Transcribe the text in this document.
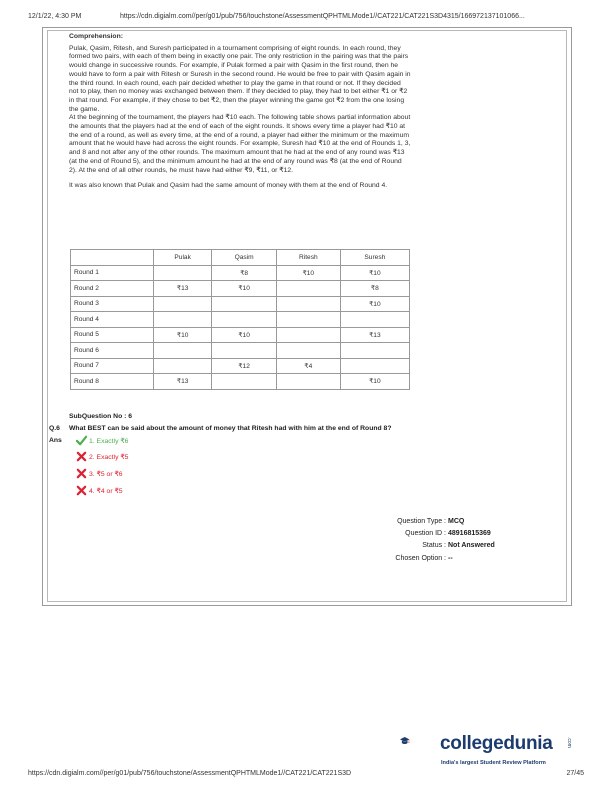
12/1/22, 4:30 PM	https://cdn.digialm.com//per/g01/pub/756/touchstone/AssessmentQPHTMLMode1//CAT221/CAT221S3D4315/166972137101066...
Comprehension:

Pulak, Qasim, Ritesh, and Suresh participated in a tournament comprising of eight rounds. In each round, they formed two pairs, with each of them being in exactly one pair. The only restriction in the pairing was that the pairs would change in successive rounds. For example, if Pulak formed a pair with Qasim in the first round, then he would have to form a pair with Ritesh or Suresh in the second round. He would be free to pair with Qasim again in the third round. In each round, each pair decided whether to play the game in that round or not. If they decided not to play, then no money was exchanged between them. If they decided to play, they had to bet either ₹1 or ₹2 in that round. For example, if they chose to bet ₹2, then the player winning the game got ₹2 from the one losing the game.

At the beginning of the tournament, the players had ₹10 each. The following table shows partial information about the amounts that the players had at the end of each of the eight rounds. It shows every time a player had ₹10 at the end of a round, as well as every time, at the end of a round, a player had either the minimum or the maximum amount that he would have had across the eight rounds. For example, Suresh had ₹10 at the end of Rounds 1, 3, and 8 and not after any of the other rounds. The maximum amount that he had at the end of any round was ₹13 (at the end of Round 5), and the minimum amount he had at the end of any round was ₹8 (at the end of Round 2). At the end of all other rounds, he must have had either ₹9, ₹11, or ₹12.

It was also known that Pulak and Qasim had the same amount of money with them at the end of Round 4.

	Pulak	Qasim	Ritesh	Suresh
Round 1		₹8	₹10	₹10
Round 2	₹13	₹10		₹8
Round 3				₹10
Round 4				
Round 5	₹10	₹10		₹13
Round 6				
Round 7		₹12	₹4	
Round 8	₹13			₹10
SubQuestion No : 6
Q.6 What BEST can be said about the amount of money that Ritesh had with him at the end of Round 8?
Ans	1. Exactly ₹6
2. Exactly ₹5
3. ₹5 or ₹6
4. ₹4 or ₹5
Question Type : MCQ
Question ID : 48916815369
Status : Not Answered
Chosen Option : --
collegedunia	.com
India's largest Student Review Platform
https://cdn.digialm.com//per/g01/pub/756/touchstone/AssessmentQPHTMLMode1//CAT221/CAT221S3D	27/45
